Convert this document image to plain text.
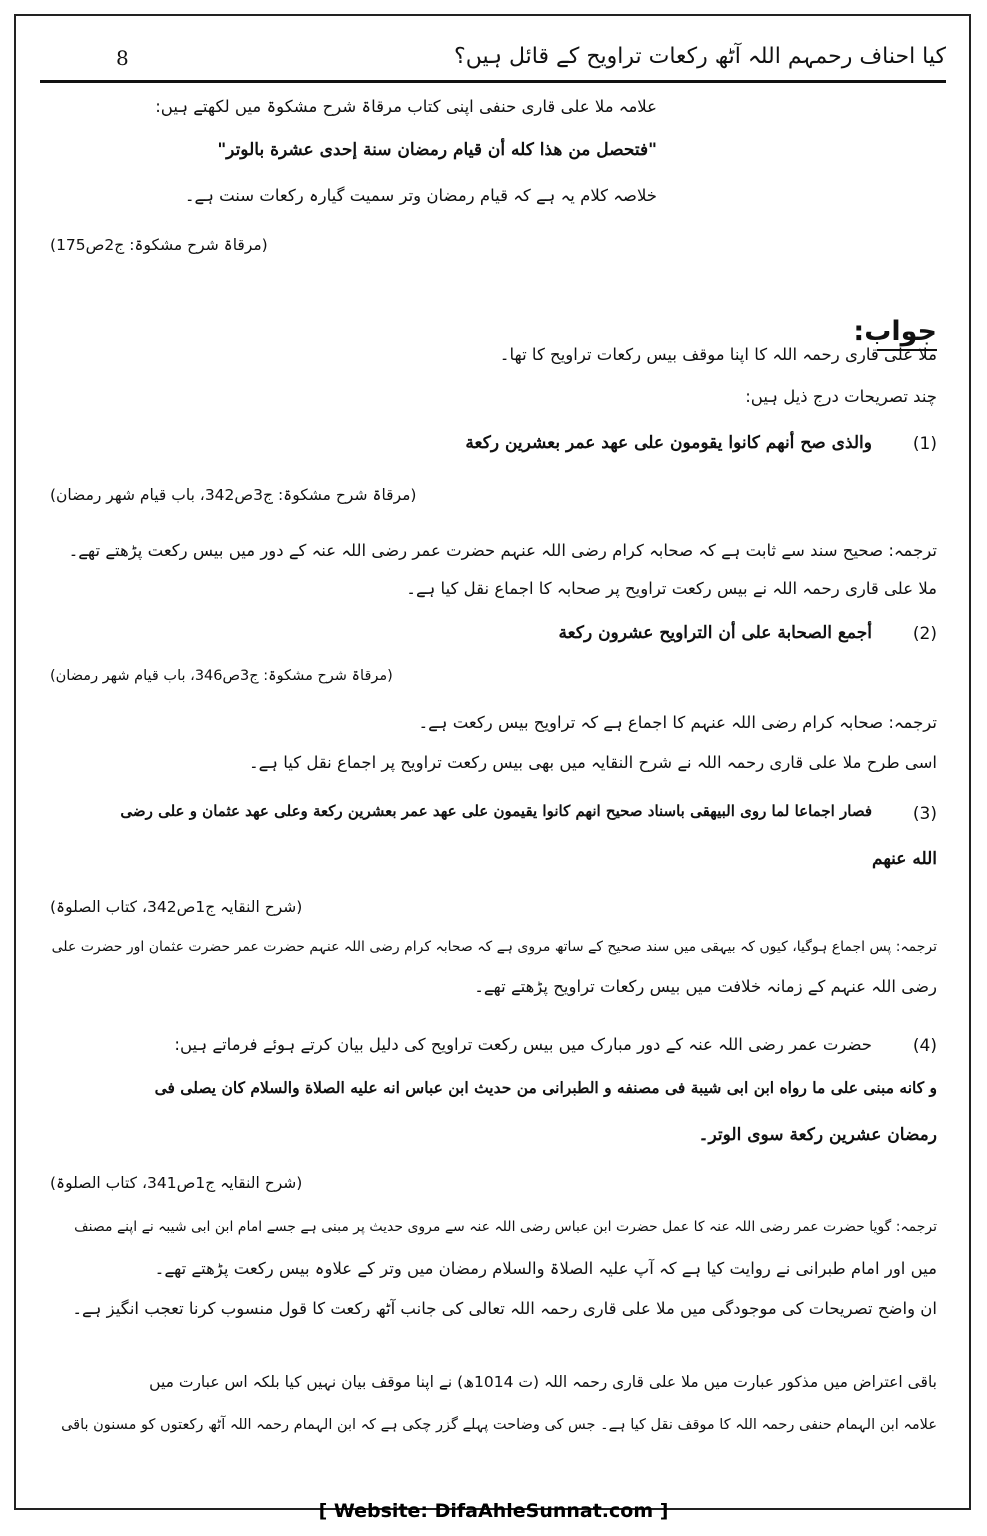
کیا احناف رحمہم اللہ آٹھ رکعات تراویح کے قائل ہیں؟
8
علامہ ملا علی قاری حنفی اپنی کتاب مرقاۃ شرح مشکوۃ میں لکھتے ہیں:
"فتحصل من هذا كله أن قيام رمضان سنة إحدى عشرة بالوتر"
خلاصہ کلام یہ ہے کہ قیام رمضان وتر سمیت گیارہ رکعات سنت ہے۔
(مرقاۃ شرح مشکوۃ: ج2ص175)
جواب:
ملا علی قاری رحمہ اللہ کا اپنا موقف بیس رکعات تراویح کا تھا۔
چند تصریحات درج ذیل ہیں:
(1)
والذی صح أنهم کانوا یقومون علی عهد عمر بعشرین رکعة
(مرقاۃ شرح مشکوۃ: ج3ص342، باب قیام شهر رمضان)
ترجمہ: صحیح سند سے ثابت ہے کہ صحابہ کرام رضی اللہ عنہم حضرت عمر رضی اللہ عنہ کے دور میں بیس رکعت پڑھتے تھے۔
ملا علی قاری رحمہ اللہ نے بیس رکعت تراویح پر صحابہ کا اجماع نقل کیا ہے۔
(2)
أجمع الصحابة علی أن التراویح عشرون رکعة
(مرقاۃ شرح مشکوۃ: ج3ص346، باب قیام شهر رمضان)
ترجمہ: صحابہ کرام رضی اللہ عنہم کا اجماع ہے کہ تراویح بیس رکعت ہے۔
اسی طرح ملا علی قاری رحمہ اللہ نے شرح النقایہ میں بھی بیس رکعت تراویح پر اجماع نقل کیا ہے۔
(3)
فصار اجماعا لما روی البیهقی باسناد صحیح انهم کانوا یقیمون علی عهد عمر بعشرین رکعة وعلی عهد عثمان و علی رضی
الله عنهم
(شرح النقایہ ج1ص342، کتاب الصلوۃ)
ترجمہ: پس اجماع ہوگیا، کیوں کہ بیہقی میں سند صحیح کے ساتھ مروی ہے کہ صحابہ کرام رضی اللہ عنہم حضرت عمر حضرت عثمان اور حضرت علی
رضی اللہ عنہم کے زمانہ خلافت میں بیس رکعات تراویح پڑھتے تھے۔
(4)
حضرت عمر رضی اللہ عنہ کے دور مبارک میں بیس رکعت تراویح کی دلیل بیان کرتے ہوئے فرماتے ہیں:
و کانه مبنی علی ما رواه ابن ابی شیبة فی مصنفه و الطبرانی من حدیث ابن عباس انه علیه الصلاة والسلام کان یصلی فی
رمضان عشرین رکعة سوی الوتر۔
(شرح النقایہ ج1ص341، کتاب الصلوۃ)
ترجمہ: گویا حضرت عمر رضی اللہ عنہ کا عمل حضرت ابن عباس رضی اللہ عنہ سے مروی حدیث پر مبنی ہے جسے امام ابن ابی شیبہ نے اپنے مصنف
میں اور امام طبرانی نے روایت کیا ہے کہ آپ علیہ الصلاۃ والسلام رمضان میں وتر کے علاوہ بیس رکعت پڑھتے تھے۔
ان واضح تصریحات کی موجودگی میں ملا علی قاری رحمہ اللہ تعالی کی جانب آٹھ رکعت کا قول منسوب کرنا تعجب انگیز ہے۔
باقی اعتراض میں مذکور عبارت میں ملا علی قاری رحمہ اللہ (ت 1014ھ) نے اپنا موقف بیان نہیں کیا بلکہ اس عبارت میں
علامہ ابن الہمام حنفی رحمہ اللہ کا موقف نقل کیا ہے۔ جس کی وضاحت پہلے گزر چکی ہے کہ ابن الہمام رحمہ اللہ آٹھ رکعتوں کو مسنون باقی
[ Website: DifaAhleSunnat.com ]
